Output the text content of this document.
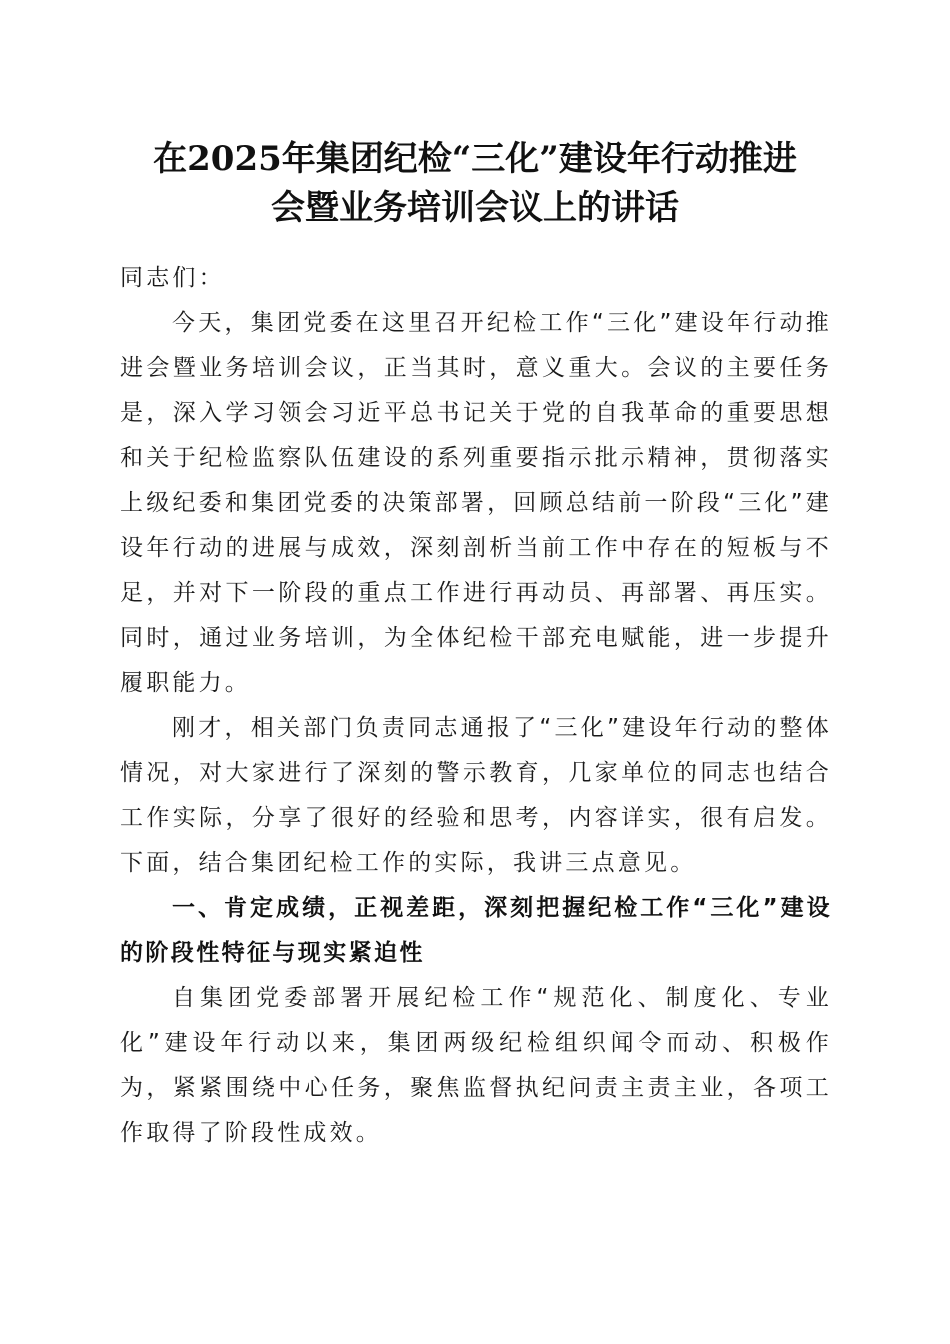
在2025年集团纪检“三化”建设年行动推进
会暨业务培训会议上的讲话

同志们：

今天，集团党委在这里召开纪检工作“三化”建设年行动推进会暨业务培训会议，正当其时，意义重大。会议的主要任务是，深入学习领会习近平总书记关于党的自我革命的重要思想和关于纪检监察队伍建设的系列重要指示批示精神，贯彻落实上级纪委和集团党委的决策部署，回顾总结前一阶段“三化”建设年行动的进展与成效，深刻剖析当前工作中存在的短板与不足，并对下一阶段的重点工作进行再动员、再部署、再压实。同时，通过业务培训，为全体纪检干部充电赋能，进一步提升履职能力。

刚才，相关部门负责同志通报了“三化”建设年行动的整体情况，对大家进行了深刻的警示教育，几家单位的同志也结合工作实际，分享了很好的经验和思考，内容详实，很有启发。下面，结合集团纪检工作的实际，我讲三点意见。

一、肯定成绩，正视差距，深刻把握纪检工作“三化”建设的阶段性特征与现实紧迫性

自集团党委部署开展纪检工作“规范化、制度化、专业化”建设年行动以来，集团两级纪检组织闻令而动、积极作为，紧紧围绕中心任务，聚焦监督执纪问责主责主业，各项工作取得了阶段性成效。
